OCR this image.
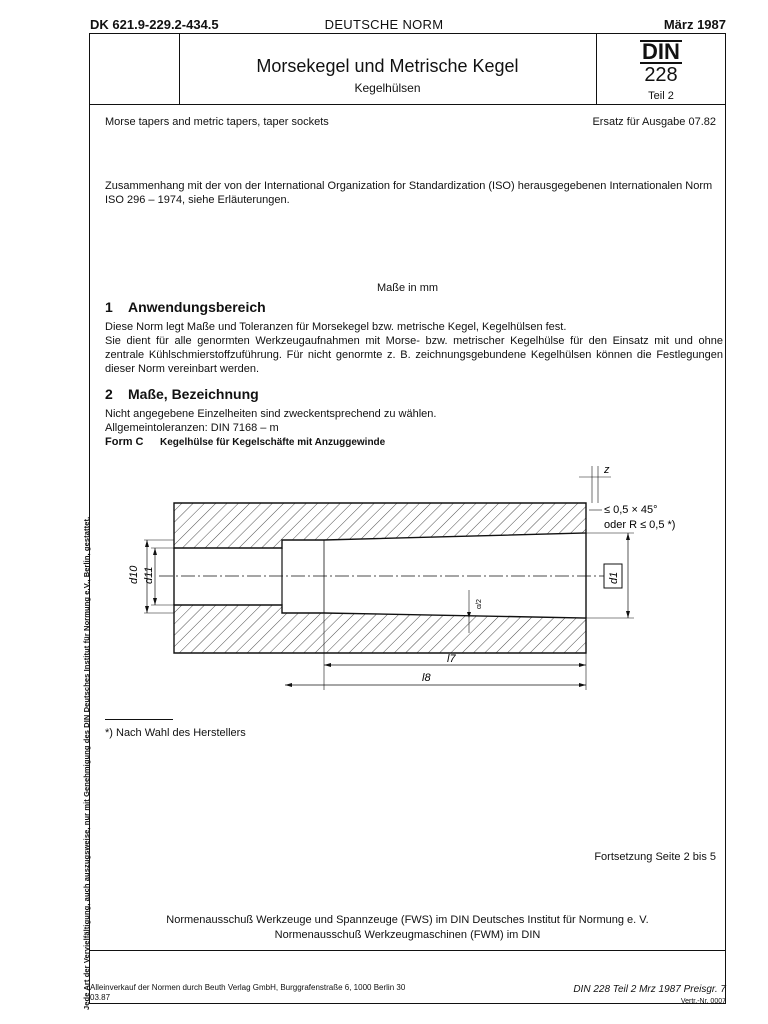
DK 621.9-229.2-434.5	DEUTSCHE NORM	März 1987
Morsekegel und Metrische Kegel
Kegelhülsen
DIN
228
Teil 2
Morse tapers and metric tapers, taper sockets	Ersatz für Ausgabe 07.82
Zusammenhang mit der von der International Organization for Standardization (ISO) herausgegebenen Internationalen Norm ISO 296 – 1974, siehe Erläuterungen.
Maße in mm
1 Anwendungsbereich
Diese Norm legt Maße und Toleranzen für Morsekegel bzw. metrische Kegel, Kegelhülsen fest.
Sie dient für alle genormten Werkzeugaufnahmen mit Morse- bzw. metrischer Kegelhülse für den Einsatz mit und ohne zentrale Kühlschmierstoffzuführung. Für nicht genormte z. B. zeichnungsgebundene Kegelhülsen können die Festlegungen dieser Norm vereinbart werden.
2 Maße, Bezeichnung
Nicht angegebene Einzelheiten sind zweckentsprechend zu wählen.
Allgemeintoleranzen: DIN 7168 – m
Form C Kegelhülse für Kegelschäfte mit Anzuggewinde
d10 d11	d1
z
≤ 0,5 × 45°
oder R ≤ 0,5 *)
α/2
l7
l8
*) Nach Wahl des Herstellers
Fortsetzung Seite 2 bis 5
Normenausschuß Werkzeuge und Spannzeuge (FWS) im DIN Deutsches Institut für Normung e. V.
Normenausschuß Werkzeugmaschinen (FWM) im DIN
Jede Art der Vervielfältigung, auch auszugsweise, nur mit Genehmigung des DIN Deutsches Institut für Normung e.V., Berlin, gestattet. Alleinverkauf der Normen durch Beuth Verlag GmbH, Burggrafenstraße 6, 1000 Berlin 30
03.87
DIN 228 Teil 2 Mrz 1987 Preisgr. 7
Vertr.-Nr. 0007
